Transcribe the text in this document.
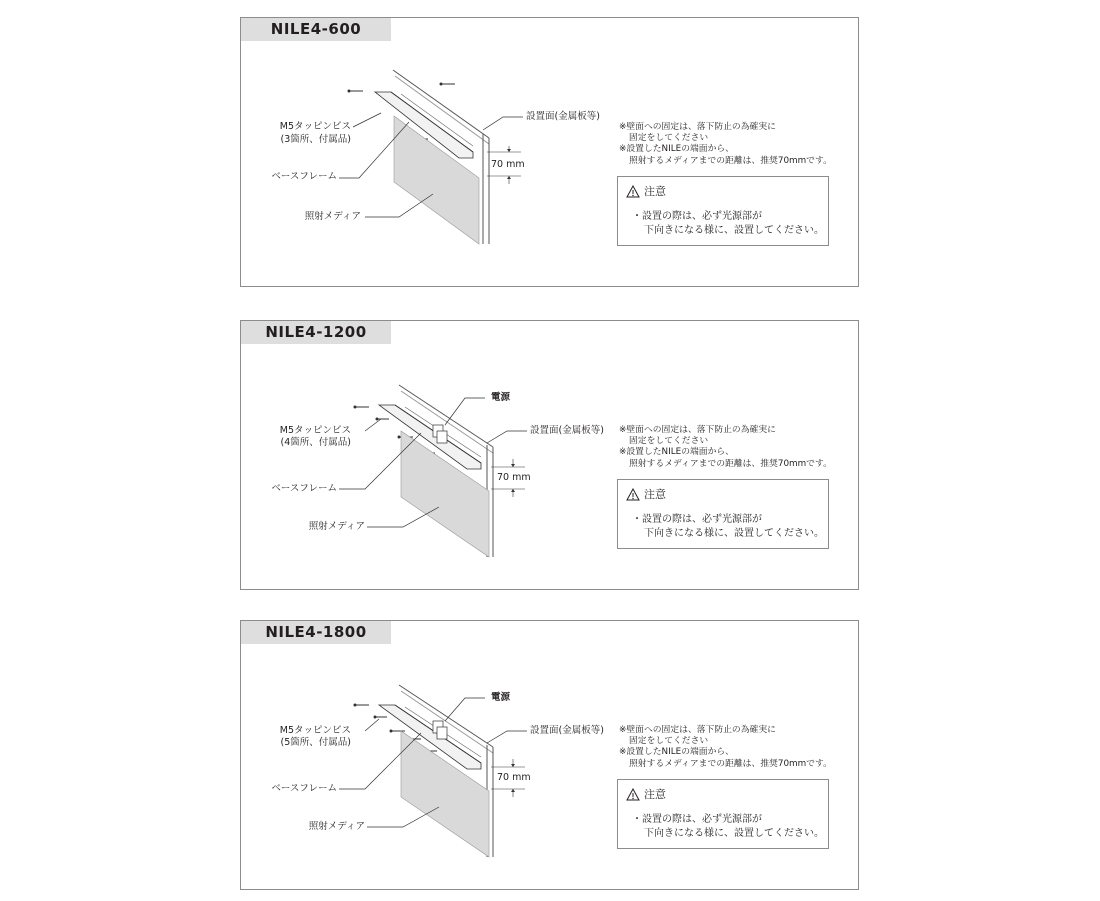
NILE4-600
M5タッピンビス
(3箇所、付属品)
ベースフレーム
照射メディア
設置面(金属板等)
70 mm
※壁面への固定は、落下防止の為確実に
固定をしてください
※設置したNILEの端面から、
照射するメディアまでの距離は、推奨70mmです。
注意
・設置の際は、必ず光源部が
下向きになる様に、設置してください。
NILE4-1200
M5タッピンビス
(4箇所、付属品)
ベースフレーム
照射メディア
電源
設置面(金属板等)
70 mm
※壁面への固定は、落下防止の為確実に
固定をしてください
※設置したNILEの端面から、
照射するメディアまでの距離は、推奨70mmです。
注意
・設置の際は、必ず光源部が
下向きになる様に、設置してください。
NILE4-1800
M5タッピンビス
(5箇所、付属品)
ベースフレーム
照射メディア
電源
設置面(金属板等)
70 mm
※壁面への固定は、落下防止の為確実に
固定をしてください
※設置したNILEの端面から、
照射するメディアまでの距離は、推奨70mmです。
注意
・設置の際は、必ず光源部が
下向きになる様に、設置してください。
